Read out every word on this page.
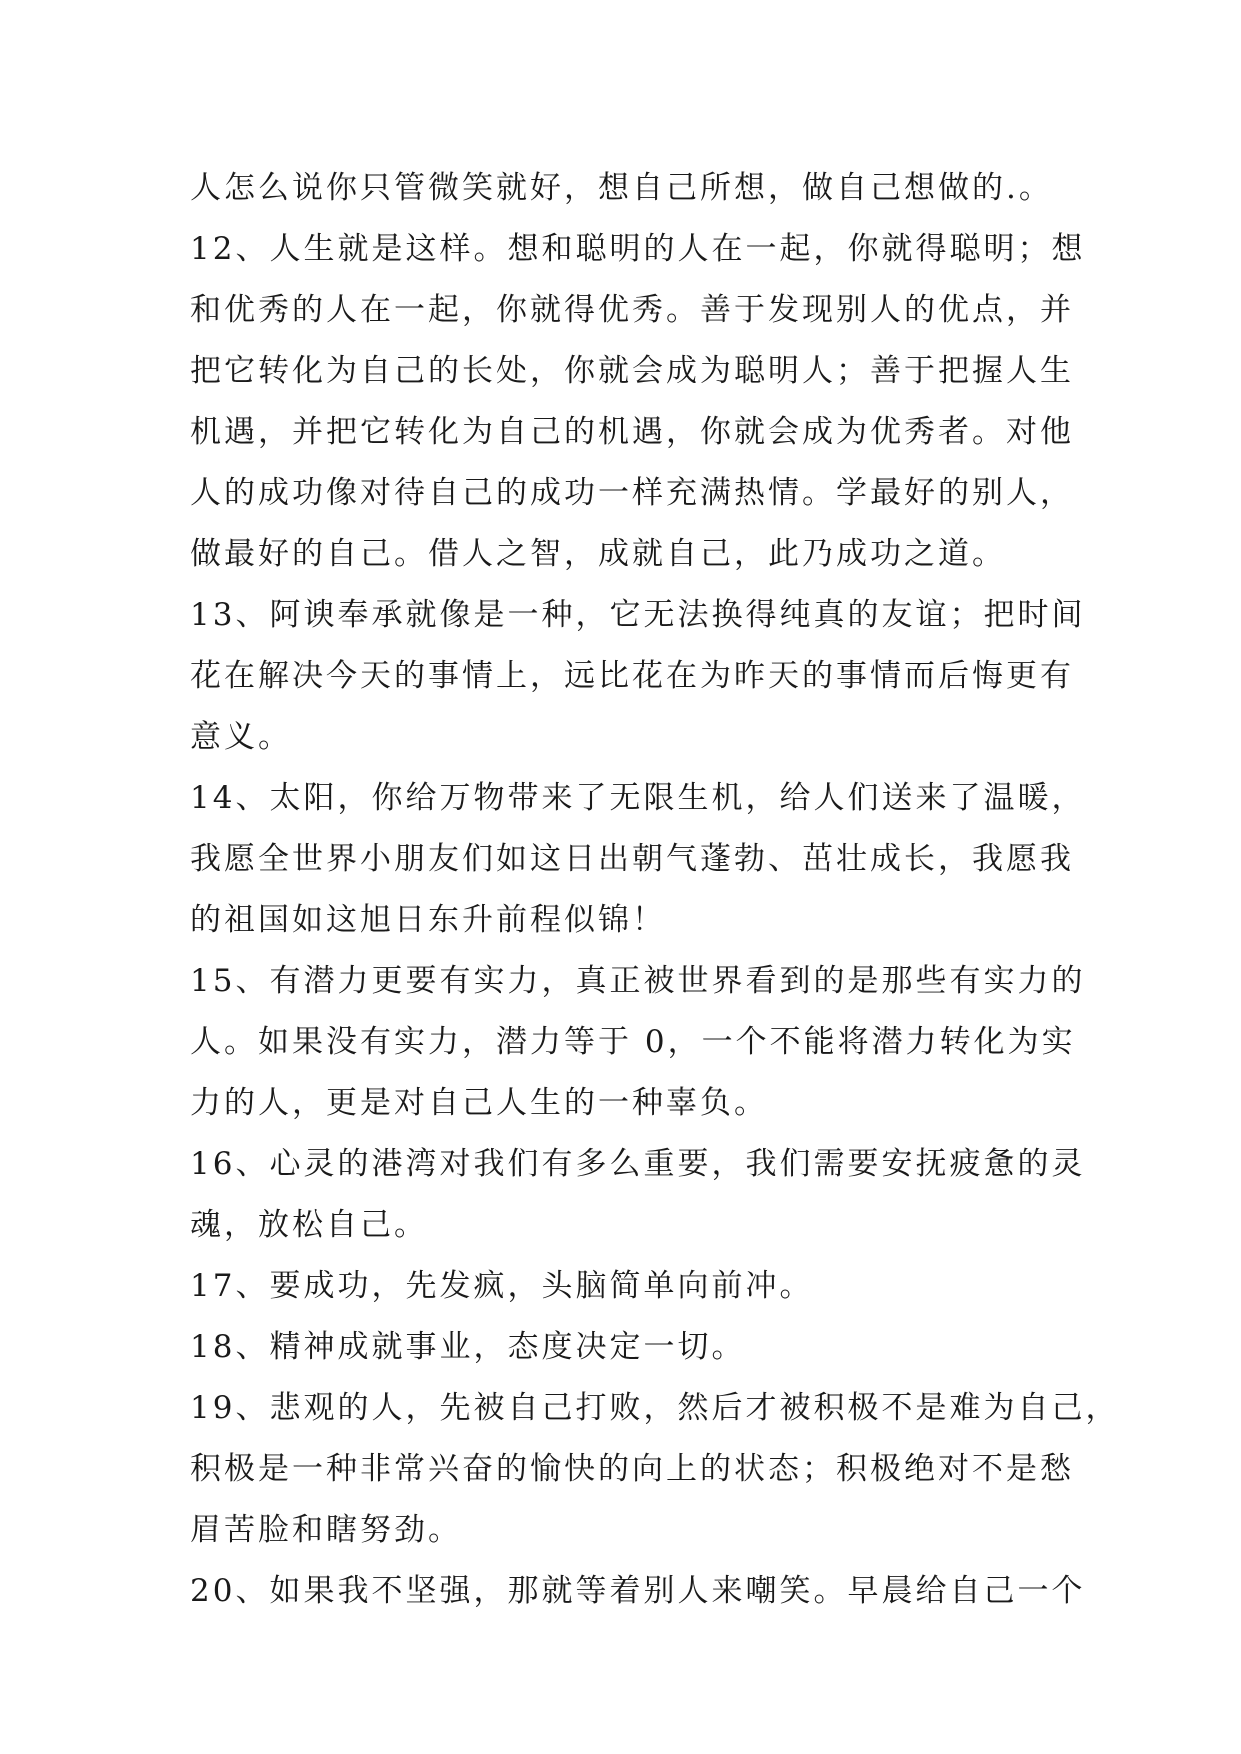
人怎么说你只管微笑就好，想自己所想，做自己想做的.。
12、人生就是这样。想和聪明的人在一起，你就得聪明；想
和优秀的人在一起，你就得优秀。善于发现别人的优点，并
把它转化为自己的长处，你就会成为聪明人；善于把握人生
机遇，并把它转化为自己的机遇，你就会成为优秀者。对他
人的成功像对待自己的成功一样充满热情。学最好的别人，
做最好的自己。借人之智，成就自己，此乃成功之道。
13、阿谀奉承就像是一种，它无法换得纯真的友谊；把时间
花在解决今天的事情上，远比花在为昨天的事情而后悔更有
意义。
14、太阳，你给万物带来了无限生机，给人们送来了温暖，
我愿全世界小朋友们如这日出朝气蓬勃、茁壮成长，我愿我
的祖国如这旭日东升前程似锦！
15、有潜力更要有实力，真正被世界看到的是那些有实力的
人。如果没有实力，潜力等于 0，一个不能将潜力转化为实
力的人，更是对自己人生的一种辜负。
16、心灵的港湾对我们有多么重要，我们需要安抚疲惫的灵
魂，放松自己。
17、要成功，先发疯，头脑简单向前冲。
18、精神成就事业，态度决定一切。
19、悲观的人，先被自己打败，然后才被积极不是难为自己，
积极是一种非常兴奋的愉快的向上的状态；积极绝对不是愁
眉苦脸和瞎努劲。
20、如果我不坚强，那就等着别人来嘲笑。早晨给自己一个
